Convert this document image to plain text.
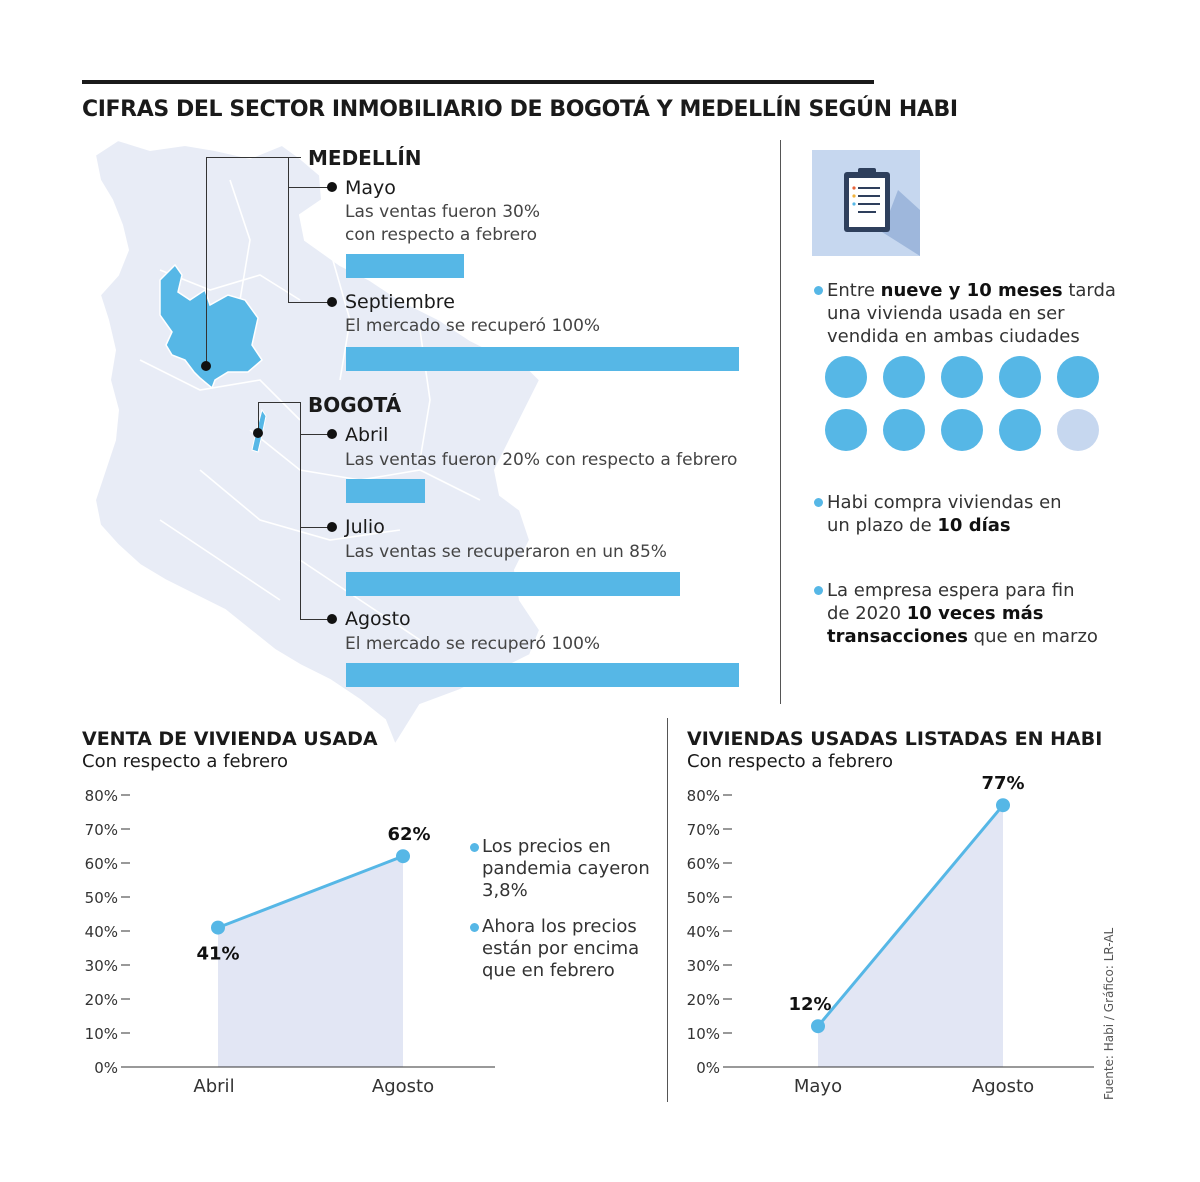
CIFRAS DEL SECTOR INMOBILIARIO DE BOGOTÁ Y MEDELLÍN SEGÚN HABI
MEDELLÍN
Mayo
Las ventas fueron 30%
con respecto a febrero
Septiembre
El mercado se recuperó 100%
BOGOTÁ
Abril
Las ventas fueron 20% con respecto a febrero
Julio
Las ventas se recuperaron en un 85%
Agosto
El mercado se recuperó 100%
Entre nueve y 10 meses tarda
una vivienda usada en ser
vendida en ambas ciudades
Habi compra viviendas en
un plazo de 10 días
La empresa espera para fin
de 2020 10 veces más
transacciones que en marzo
VENTA DE VIVIENDA USADA
Con respecto a febrero
VIVIENDAS USADAS LISTADAS EN HABI
Con respecto a febrero
0%
10%
20%
30%
40%
50%
60%
70%
80%
41%
Abril
62%
Agosto
0%
10%
20%
30%
40%
50%
60%
70%
80%
12%
Mayo
77%
Agosto
Los precios en
pandemia cayeron
3,8%
Ahora los precios
están por encima
que en febrero	Fuente: Habi / Gráfico: LR-AL
